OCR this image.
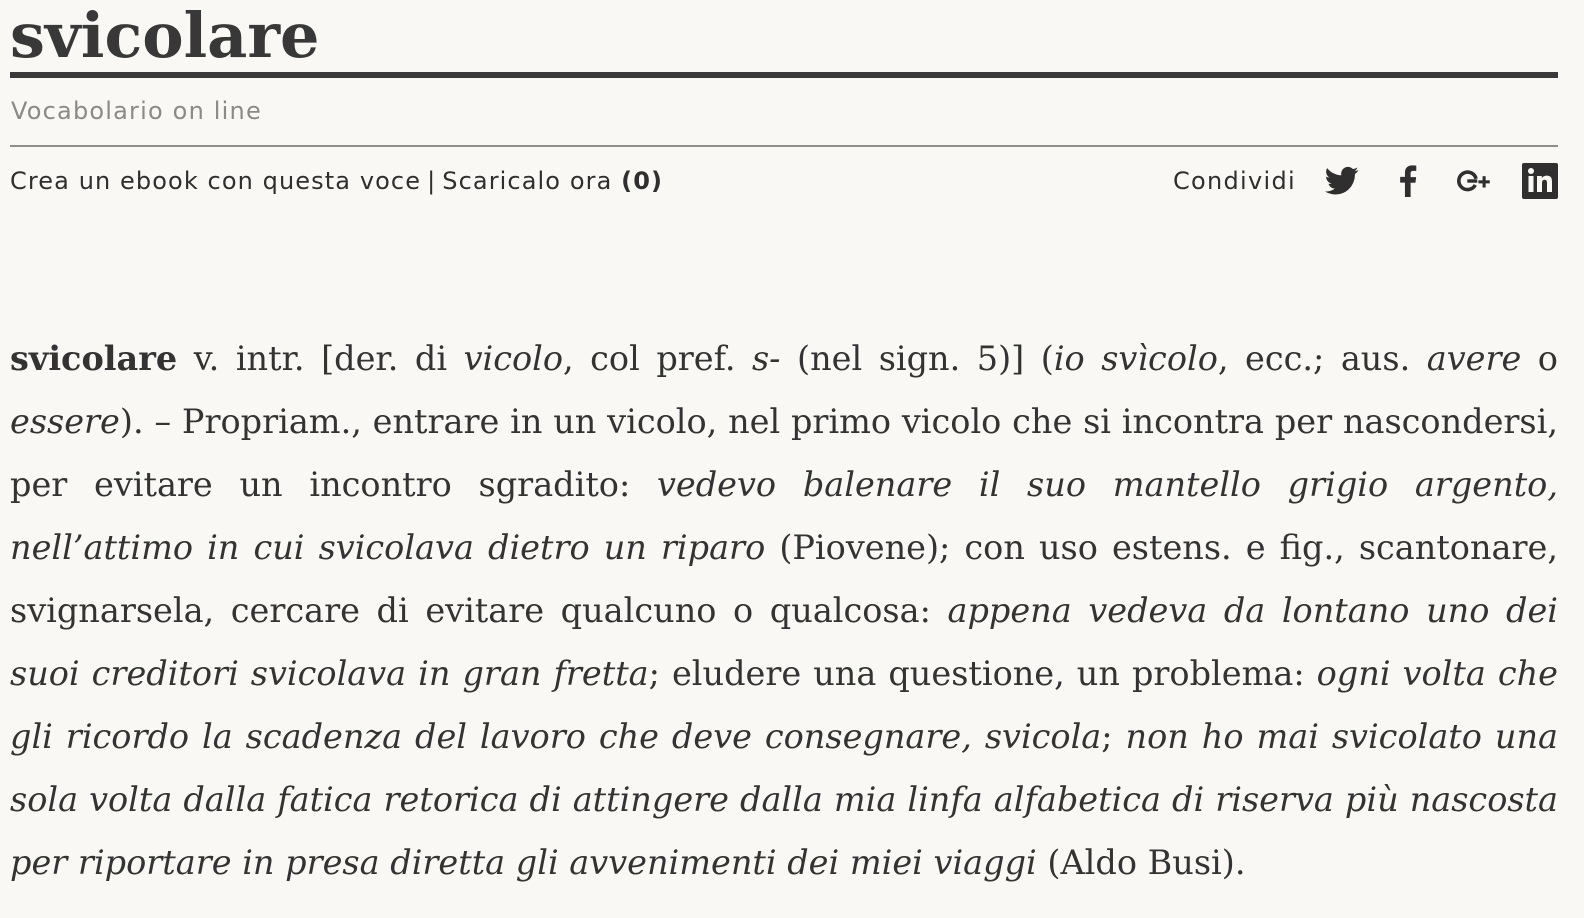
svicolare
Vocabolario on line
Crea un ebook con questa voce | Scaricalo ora (0)	Condividi

svicolare v. intr. [der. di vicolo, col pref. s- (nel sign. 5)] (io svìcolo, ecc.; aus. avere o essere). – Propriam., entrare in un vicolo, nel primo vicolo che si incontra per nascondersi, per evitare un incontro sgradito: vedevo balenare il suo mantello grigio argento, nell’attimo in cui svicolava dietro un riparo (Piovene); con uso estens. e fig., scantonare, svignarsela, cercare di evitare qualcuno o qualcosa: appena vedeva da lontano uno dei suoi creditori svicolava in gran fretta; eludere una questione, un problema: ogni volta che gli ricordo la scadenza del lavoro che deve consegnare, svicola; non ho mai svicolato una sola volta dalla fatica retorica di attingere dalla mia linfa alfabetica di riserva più nascosta per riportare in presa diretta gli avvenimenti dei miei viaggi (Aldo Busi).
